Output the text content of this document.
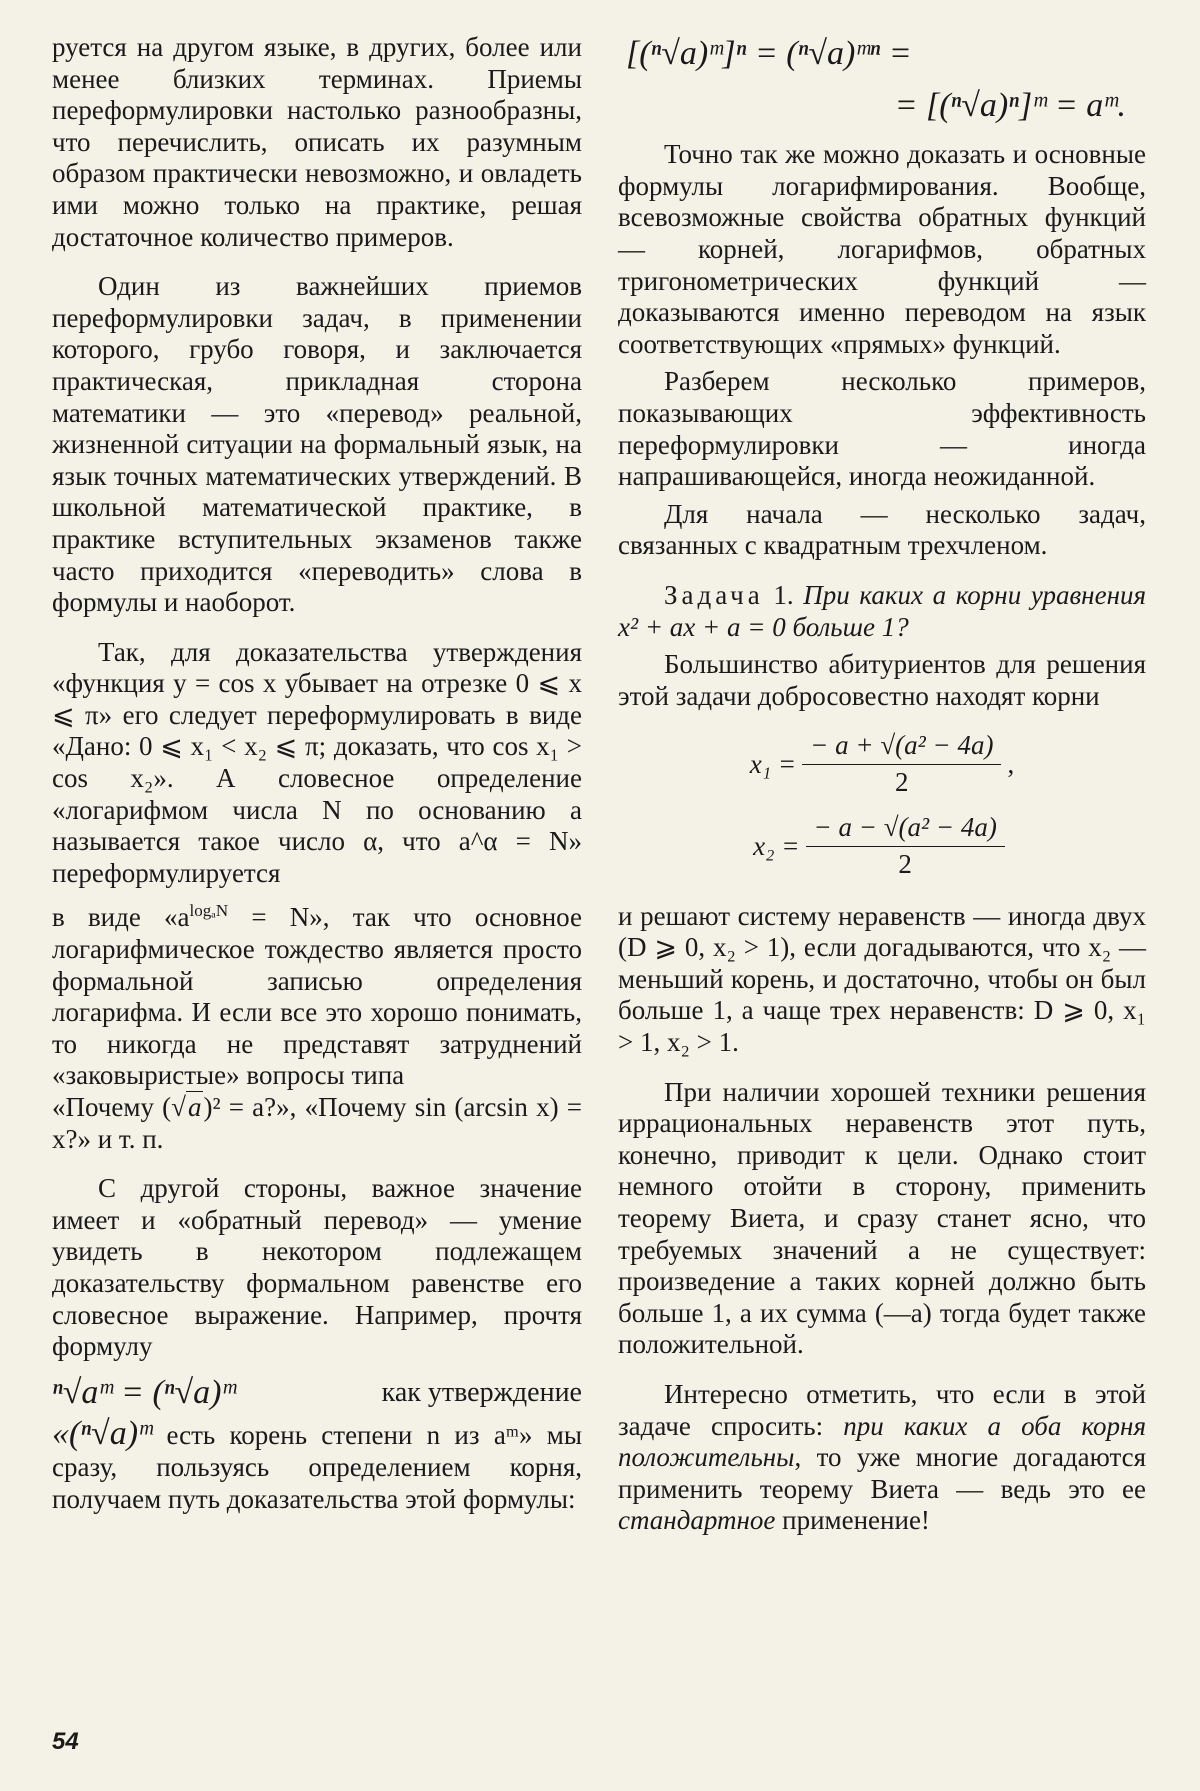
руется на другом языке, в других, более или менее близких терминах. Приемы переформулировки настолько разнообразны, что перечислить, описать их разумным образом практически невозможно, и овладеть ими можно только на практике, решая достаточное количество примеров.

Один из важнейших приемов переформулировки задач, в применении которого, грубо говоря, и заключается практическая, прикладная сторона математики — это «перевод» реальной, жизненной ситуации на формальный язык, на язык точных математических утверждений. В школьной математической практике, в практике вступительных экзаменов также часто приходится «переводить» слова в формулы и наоборот.

Так, для доказательства утверждения «функция y = cos x убывает на отрезке 0 ⩽ x ⩽ π» его следует переформулировать в виде «Дано: 0 ⩽ x₁ < x₂ ⩽ π; доказать, что cos x₁ > cos x₂». А словесное определение «логарифмом числа N по основанию a называется такое число α, что a^α = N» переформулируется

в виде «$a^{log_aN} = N$», так что основное логарифмическое тождество является просто формальной записью определения логарифма. И если все это хорошо понимать, то никогда не представят затруднений «заковыристые» вопросы типа

«Почему (√a)² = a?», «Почему sin (arcsin x) = x?» и т. п.

С другой стороны, важное значение имеет и «обратный перевод» — умение увидеть в некотором подлежащем доказательству формальном равенстве его словесное выражение. Например, прочтя формулу

ⁿ√aᵐ = (ⁿ√a)ᵐ	как утверждение

«(ⁿ√a)ᵐ есть корень степени n из aᵐ» мы сразу, пользуясь определением корня, получаем путь доказательства этой формулы:

[(ⁿ√a)ᵐ]ⁿ = (ⁿ√a)ᵐⁿ =
= [(ⁿ√a)ⁿ]ᵐ = aᵐ.

Точно так же можно доказать и основные формулы логарифмирования. Вообще, всевозможные свойства обратных функций — корней, логарифмов, обратных тригонометрических функций — доказываются именно переводом на язык соответствующих «прямых» функций.

Разберем несколько примеров, показывающих эффективность переформулировки — иногда напрашивающейся, иногда неожиданной.

Для начала — несколько задач, связанных с квадратным трехчленом.

Задача 1. При каких a корни уравнения x² + ax + a = 0 больше 1?

Большинство абитуриентов для решения этой задачи добросовестно находят корни

$x_1 = \frac{\text{− a + √(a² − 4a)}}{2}$ ,
$x_2 = \frac{\text{− a − √(a² − 4a)}}{2}$

и решают систему неравенств — иногда двух (D ⩾ 0, x₂ > 1), если догадываются, что x₂ — меньший корень, и достаточно, чтобы он был больше 1, а чаще трех неравенств: D ⩾ 0, x₁ > 1, x₂ > 1.

При наличии хорошей техники решения иррациональных неравенств этот путь, конечно, приводит к цели. Однако стоит немного отойти в сторону, применить теорему Виета, и сразу станет ясно, что требуемых значений a не существует: произведение a таких корней должно быть больше 1, а их сумма (—a) тогда будет также положительной.

Интересно отметить, что если в этой задаче спросить: при каких a оба корня положительны, то уже многие догадаются применить теорему Виета — ведь это ее стандартное применение!

54
